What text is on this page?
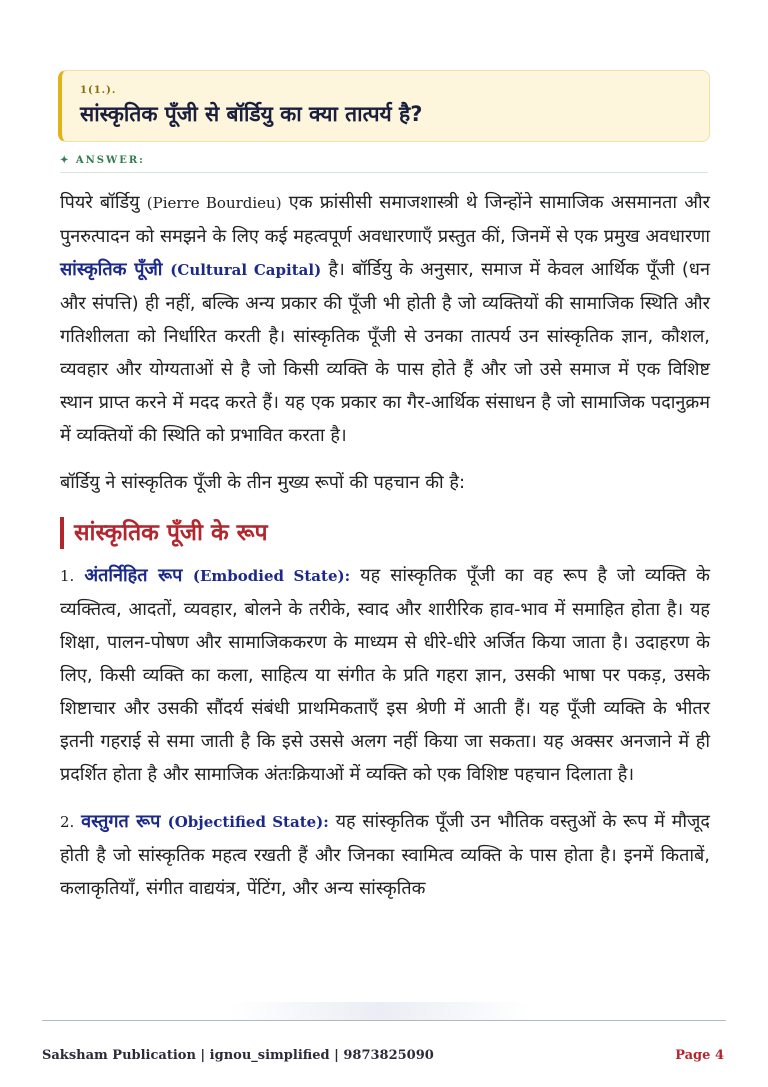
1(1.).
सांस्कृतिक पूँजी से बॉर्डियु का क्या तात्पर्य है?
✦ ANSWER:

पियरे बॉर्डियु (Pierre Bourdieu) एक फ्रांसीसी समाजशास्त्री थे जिन्होंने सामाजिक असमानता और पुनरुत्पादन को समझने के लिए कई महत्वपूर्ण अवधारणाएँ प्रस्तुत कीं, जिनमें से एक प्रमुख अवधारणा सांस्कृतिक पूँजी (Cultural Capital) है। बॉर्डियु के अनुसार, समाज में केवल आर्थिक पूँजी (धन और संपत्ति) ही नहीं, बल्कि अन्य प्रकार की पूँजी भी होती है जो व्यक्तियों की सामाजिक स्थिति और गतिशीलता को निर्धारित करती है। सांस्कृतिक पूँजी से उनका तात्पर्य उन सांस्कृतिक ज्ञान, कौशल, व्यवहार और योग्यताओं से है जो किसी व्यक्ति के पास होते हैं और जो उसे समाज में एक विशिष्ट स्थान प्राप्त करने में मदद करते हैं। यह एक प्रकार का गैर-आर्थिक संसाधन है जो सामाजिक पदानुक्रम में व्यक्तियों की स्थिति को प्रभावित करता है।

बॉर्डियु ने सांस्कृतिक पूँजी के तीन मुख्य रूपों की पहचान की है:

सांस्कृतिक पूँजी के रूप

1. अंतर्निहित रूप (Embodied State): यह सांस्कृतिक पूँजी का वह रूप है जो व्यक्ति के व्यक्तित्व, आदतों, व्यवहार, बोलने के तरीके, स्वाद और शारीरिक हाव-भाव में समाहित होता है। यह शिक्षा, पालन-पोषण और सामाजिककरण के माध्यम से धीरे-धीरे अर्जित किया जाता है। उदाहरण के लिए, किसी व्यक्ति का कला, साहित्य या संगीत के प्रति गहरा ज्ञान, उसकी भाषा पर पकड़, उसके शिष्टाचार और उसकी सौंदर्य संबंधी प्राथमिकताएँ इस श्रेणी में आती हैं। यह पूँजी व्यक्ति के भीतर इतनी गहराई से समा जाती है कि इसे उससे अलग नहीं किया जा सकता। यह अक्सर अनजाने में ही प्रदर्शित होता है और सामाजिक अंतःक्रियाओं में व्यक्ति को एक विशिष्ट पहचान दिलाता है।

2. वस्तुगत रूप (Objectified State): यह सांस्कृतिक पूँजी उन भौतिक वस्तुओं के रूप में मौजूद होती है जो सांस्कृतिक महत्व रखती हैं और जिनका स्वामित्व व्यक्ति के पास होता है। इनमें किताबें, कलाकृतियाँ, संगीत वाद्ययंत्र, पेंटिंग, और अन्य सांस्कृतिक

Saksham Publication | ignou_simplified | 9873825090	Page 4
